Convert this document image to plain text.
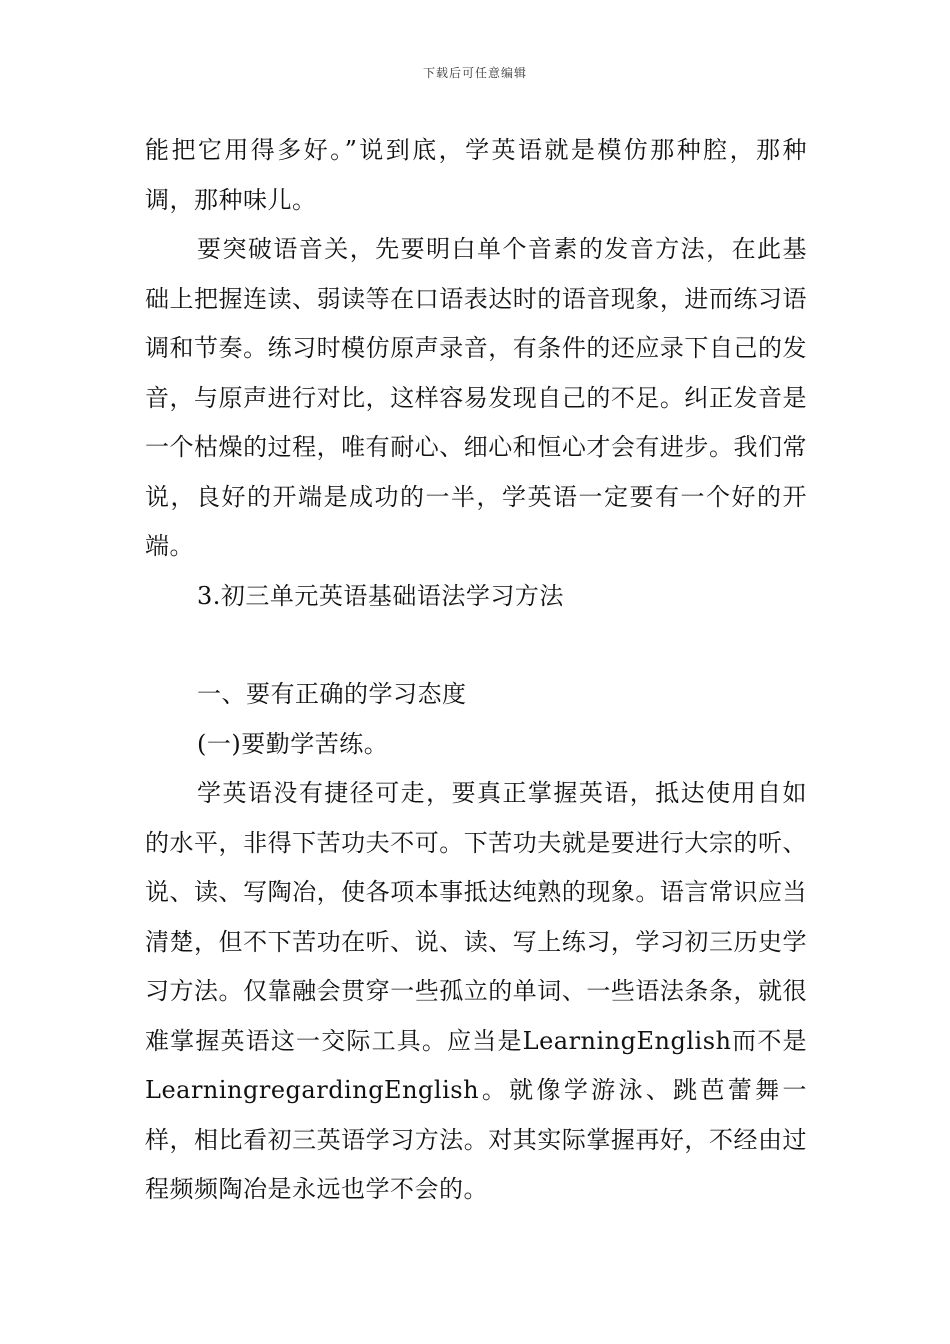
下载后可任意编辑

能把它用得多好。”说到底，学英语就是模仿那种腔，那种调，那种味儿。

要突破语音关，先要明白单个音素的发音方法，在此基础上把握连读、弱读等在口语表达时的语音现象，进而练习语调和节奏。练习时模仿原声录音，有条件的还应录下自己的发音，与原声进行对比，这样容易发现自己的不足。纠正发音是一个枯燥的过程，唯有耐心、细心和恒心才会有进步。我们常说，良好的开端是成功的一半，学英语一定要有一个好的开端。

3.初三单元英语基础语法学习方法

一、要有正确的学习态度

(一)要勤学苦练。

学英语没有捷径可走，要真正掌握英语，抵达使用自如的水平，非得下苦功夫不可。下苦功夫就是要进行大宗的听、说、读、写陶冶，使各项本事抵达纯熟的现象。语言常识应当清楚，但不下苦功在听、说、读、写上练习，学习初三历史学习方法。仅靠融会贯穿一些孤立的单词、一些语法条条，就很难掌握英语这一交际工具。应当是LearningEnglish而不是LearningregardingEnglish。就像学游泳、跳芭蕾舞一样，相比看初三英语学习方法。对其实际掌握再好，不经由过程频频陶冶是永远也学不会的。
